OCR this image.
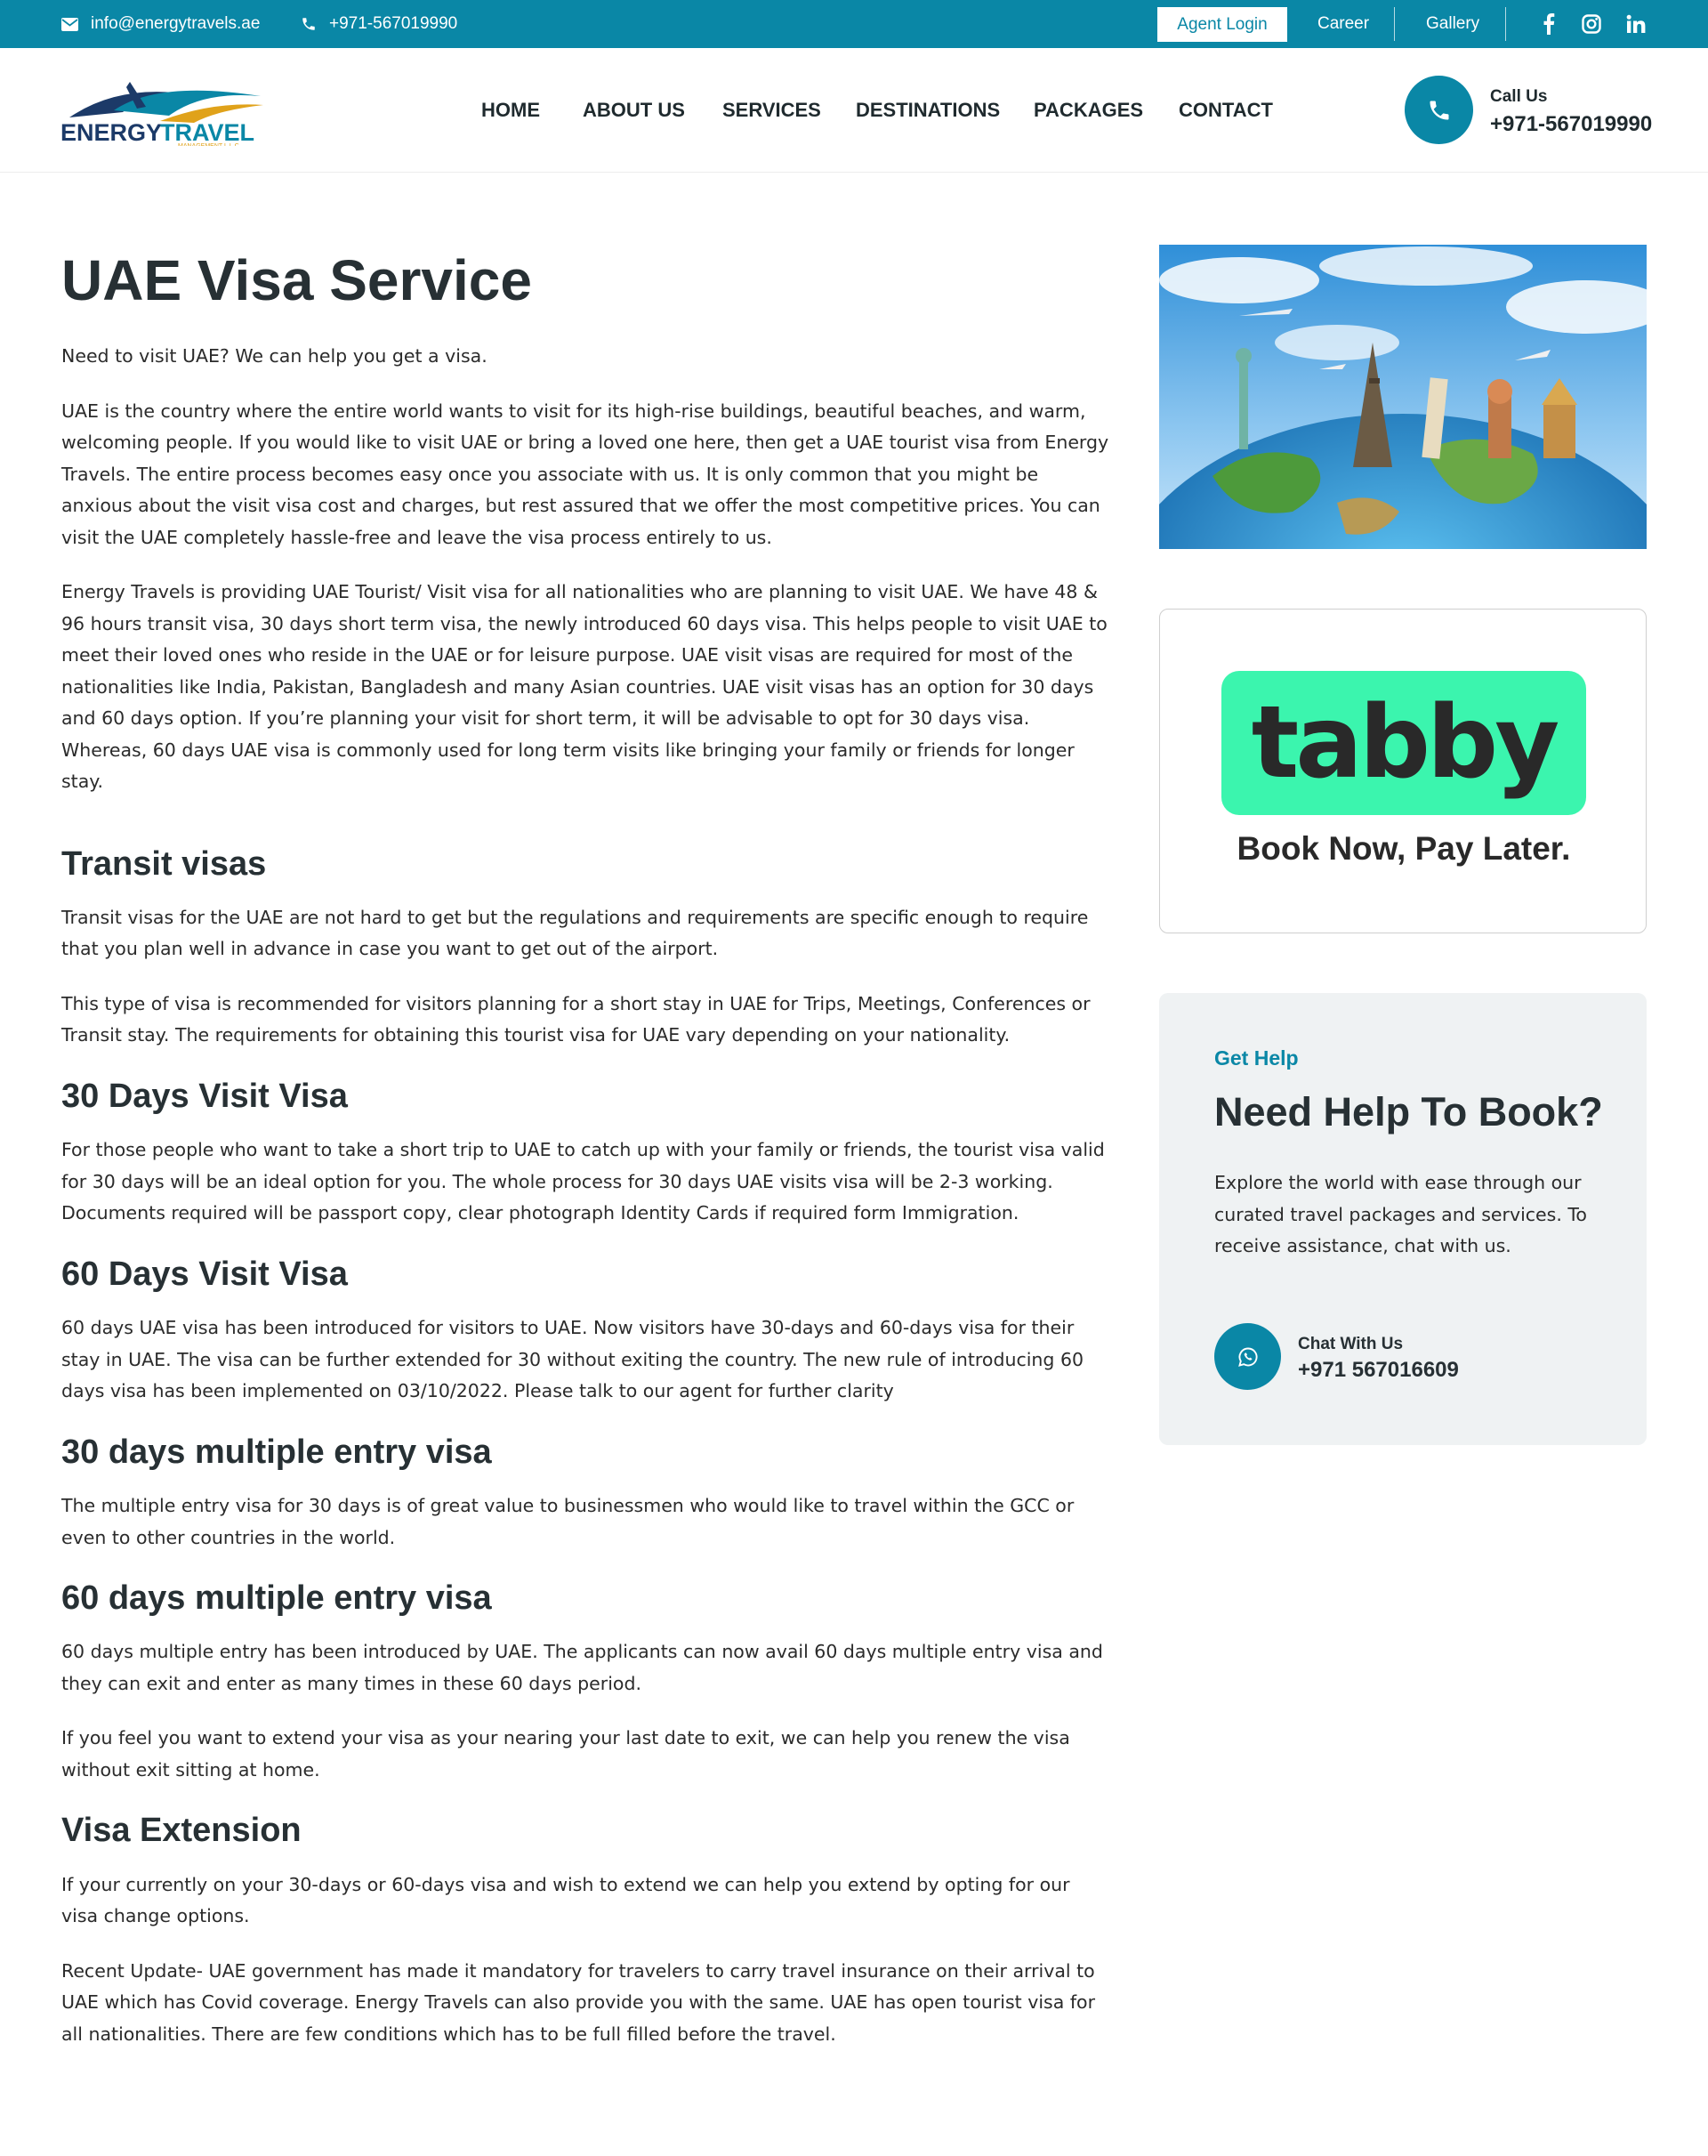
info@energytravels.ae	+971-567019990	Agent Login	Career	Gallery
ENERGY
TRAVEL
HOME ABOUT US SERVICES DESTINATIONS PACKAGES CONTACT
Call Us
+971-567019990
UAE Visa Service

Need to visit UAE? We can help you get a visa.

UAE is the country where the entire world wants to visit for its high-rise buildings, beautiful beaches, and warm, welcoming people. If you would like to visit UAE or bring a loved one here, then get a UAE tourist visa from Energy Travels. The entire process becomes easy once you associate with us. It is only common that you might be anxious about the visit visa cost and charges, but rest assured that we offer the most competitive prices. You can visit the UAE completely hassle-free and leave the visa process entirely to us.

Energy Travels is providing UAE Tourist/ Visit visa for all nationalities who are planning to visit UAE. We have 48 & 96 hours transit visa, 30 days short term visa, the newly introduced 60 days visa. This helps people to visit UAE to meet their loved ones who reside in the UAE or for leisure purpose. UAE visit visas are required for most of the nationalities like India, Pakistan, Bangladesh and many Asian countries. UAE visit visas has an option for 30 days and 60 days option. If you’re planning your visit for short term, it will be advisable to opt for 30 days visa. Whereas, 60 days UAE visa is commonly used for long term visits like bringing your family or friends for longer stay.

Transit visas

Transit visas for the UAE are not hard to get but the regulations and requirements are specific enough to require that you plan well in advance in case you want to get out of the airport.

This type of visa is recommended for visitors planning for a short stay in UAE for Trips, Meetings, Conferences or Transit stay. The requirements for obtaining this tourist visa for UAE vary depending on your nationality.

30 Days Visit Visa

For those people who want to take a short trip to UAE to catch up with your family or friends, the tourist visa valid for 30 days will be an ideal option for you. The whole process for 30 days UAE visits visa will be 2-3 working. Documents required will be passport copy, clear photograph Identity Cards if required form Immigration.

60 Days Visit Visa

60 days UAE visa has been introduced for visitors to UAE. Now visitors have 30-days and 60-days visa for their stay in UAE. The visa can be further extended for 30 without exiting the country. The new rule of introducing 60 days visa has been implemented on 03/10/2022. Please talk to our agent for further clarity

30 days multiple entry visa

The multiple entry visa for 30 days is of great value to businessmen who would like to travel within the GCC or even to other countries in the world.

60 days multiple entry visa

60 days multiple entry has been introduced by UAE. The applicants can now avail 60 days multiple entry visa and they can exit and enter as many times in these 60 days period.

If you feel you want to extend your visa as your nearing your last date to exit, we can help you renew the visa without exit sitting at home.

Visa Extension

If your currently on your 30-days or 60-days visa and wish to extend we can help you extend by opting for our visa change options.

Recent Update- UAE government has made it mandatory for travelers to carry travel insurance on their arrival to UAE which has Covid coverage. Energy Travels can also provide you with the same. UAE has open tourist visa for all nationalities. There are few conditions which has to be full filled before the travel.

tabby
Book Now, Pay Later.
Get Help
Need Help To Book?
Explore the world with ease through our curated travel packages and services. To receive assistance, chat with us.
Chat With Us
+971 567016609
